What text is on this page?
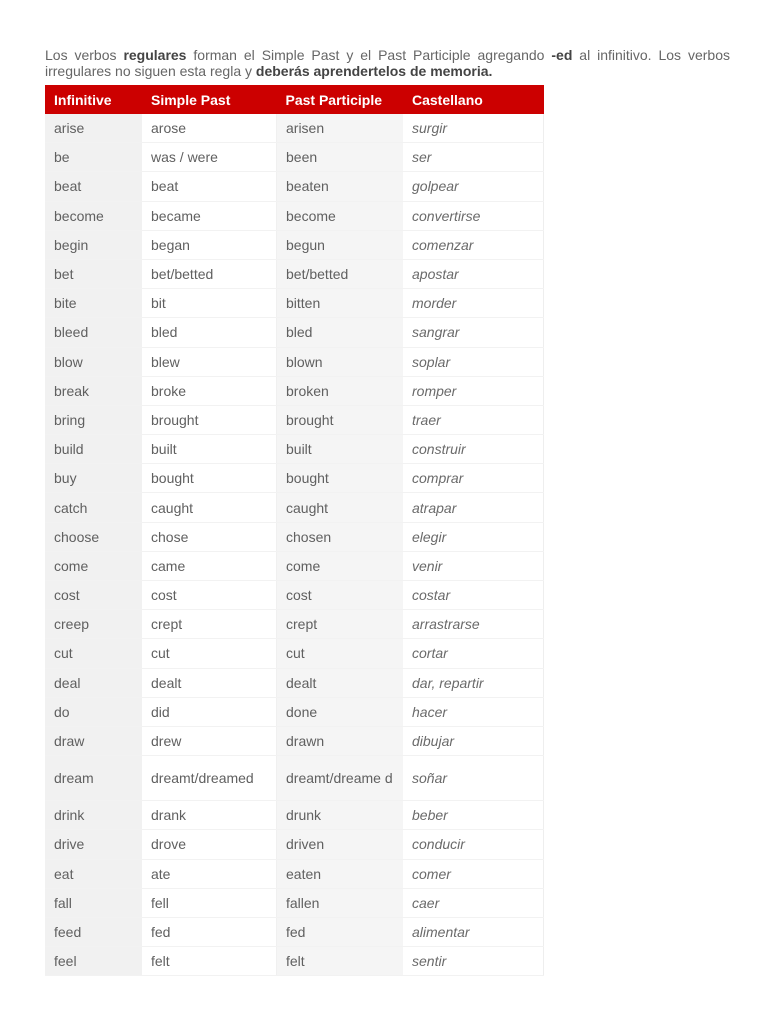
Los verbos regulares forman el Simple Past y el Past Participle agregando -ed al infinitivo. Los verbos irregulares no siguen esta regla y deberás aprendertelos de memoria.
Infinitive	Simple Past	Past Participle	Castellano
arise	arose	arisen	surgir
be	was / were	been	ser
beat	beat	beaten	golpear
become	became	become	convertirse
begin	began	begun	comenzar
bet	bet/betted	bet/betted	apostar
bite	bit	bitten	morder
bleed	bled	bled	sangrar
blow	blew	blown	soplar
break	broke	broken	romper
bring	brought	brought	traer
build	built	built	construir
buy	bought	bought	comprar
catch	caught	caught	atrapar
choose	chose	chosen	elegir
come	came	come	venir
cost	cost	cost	costar
creep	crept	crept	arrastrarse
cut	cut	cut	cortar
deal	dealt	dealt	dar, repartir
do	did	done	hacer
draw	drew	drawn	dibujar
dream	dreamt/dreamed	dreamt/dreame d	soñar
drink	drank	drunk	beber
drive	drove	driven	conducir
eat	ate	eaten	comer
fall	fell	fallen	caer
feed	fed	fed	alimentar
feel	felt	felt	sentir
